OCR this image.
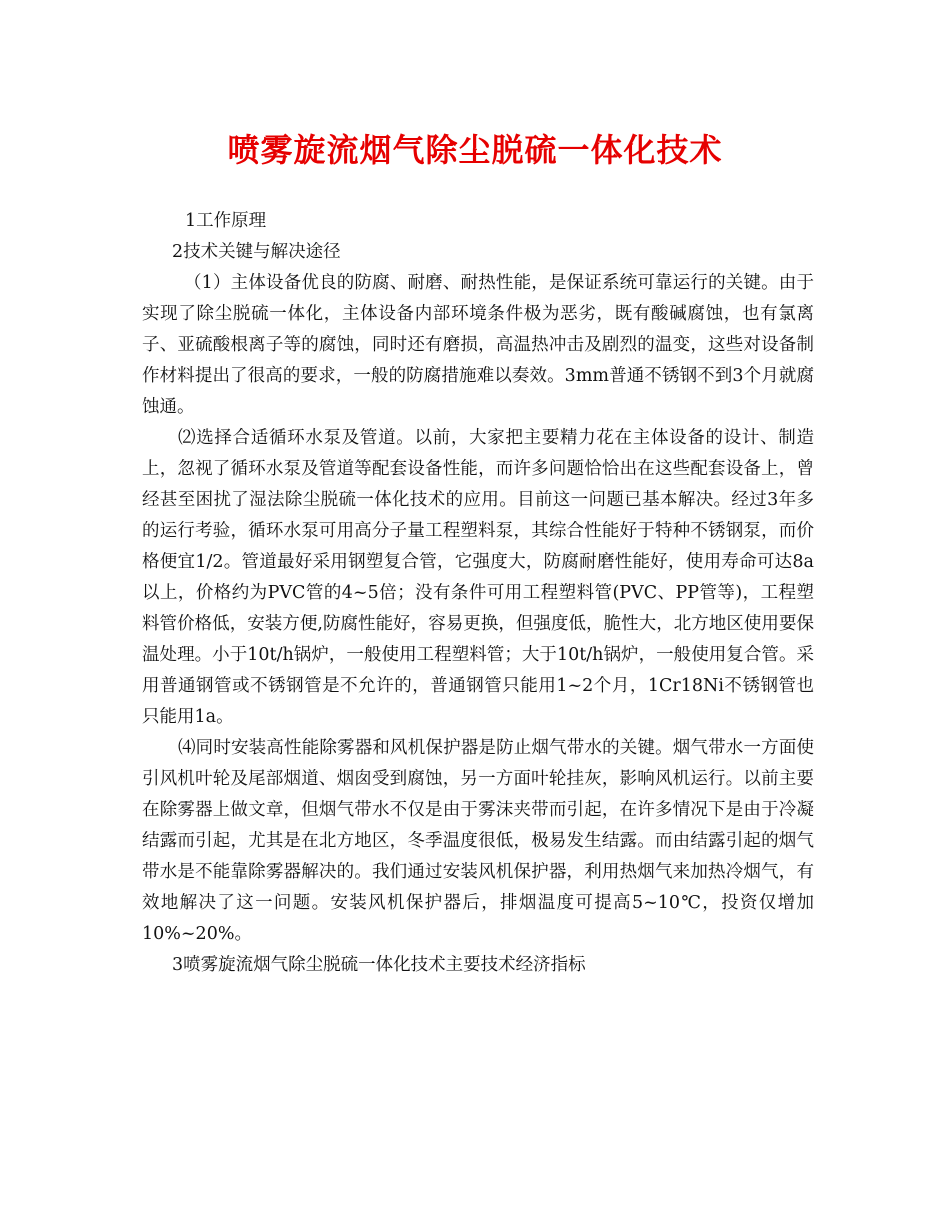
喷雾旋流烟气除尘脱硫一体化技术

1工作原理

2技术关键与解决途径

（1）主体设备优良的防腐、耐磨、耐热性能，是保证系统可靠运行的关键。由于实现了除尘脱硫一体化，主体设备内部环境条件极为恶劣，既有酸碱腐蚀，也有氯离子、亚硫酸根离子等的腐蚀，同时还有磨损，高温热冲击及剧烈的温变，这些对设备制作材料提出了很高的要求，一般的防腐措施难以奏效。3mm普通不锈钢不到3个月就腐蚀通。

⑵选择合适循环水泵及管道。以前，大家把主要精力花在主体设备的设计、制造上，忽视了循环水泵及管道等配套设备性能，而许多问题恰恰出在这些配套设备上，曾经甚至困扰了湿法除尘脱硫一体化技术的应用。目前这一问题已基本解决。经过3年多的运行考验，循环水泵可用高分子量工程塑料泵，其综合性能好于特种不锈钢泵，而价格便宜1/2。管道最好采用钢塑复合管，它强度大，防腐耐磨性能好，使用寿命可达8a以上，价格约为PVC管的4~5倍；没有条件可用工程塑料管(PVC、PP管等)，工程塑料管价格低，安装方便,防腐性能好，容易更换，但强度低，脆性大，北方地区使用要保温处理。小于10t/h锅炉，一般使用工程塑料管；大于10t/h锅炉，一般使用复合管。采用普通钢管或不锈钢管是不允许的，普通钢管只能用1~2个月，1Cr18Ni不锈钢管也只能用1a。

⑷同时安装高性能除雾器和风机保护器是防止烟气带水的关键。烟气带水一方面使引风机叶轮及尾部烟道、烟囱受到腐蚀，另一方面叶轮挂灰，影响风机运行。以前主要在除雾器上做文章，但烟气带水不仅是由于雾沫夹带而引起，在许多情况下是由于冷凝结露而引起，尤其是在北方地区，冬季温度很低，极易发生结露。而由结露引起的烟气带水是不能靠除雾器解决的。我们通过安装风机保护器，利用热烟气来加热冷烟气，有效地解决了这一问题。安装风机保护器后，排烟温度可提高5~10℃，投资仅增加10%~20%。

3喷雾旋流烟气除尘脱硫一体化技术主要技术经济指标
